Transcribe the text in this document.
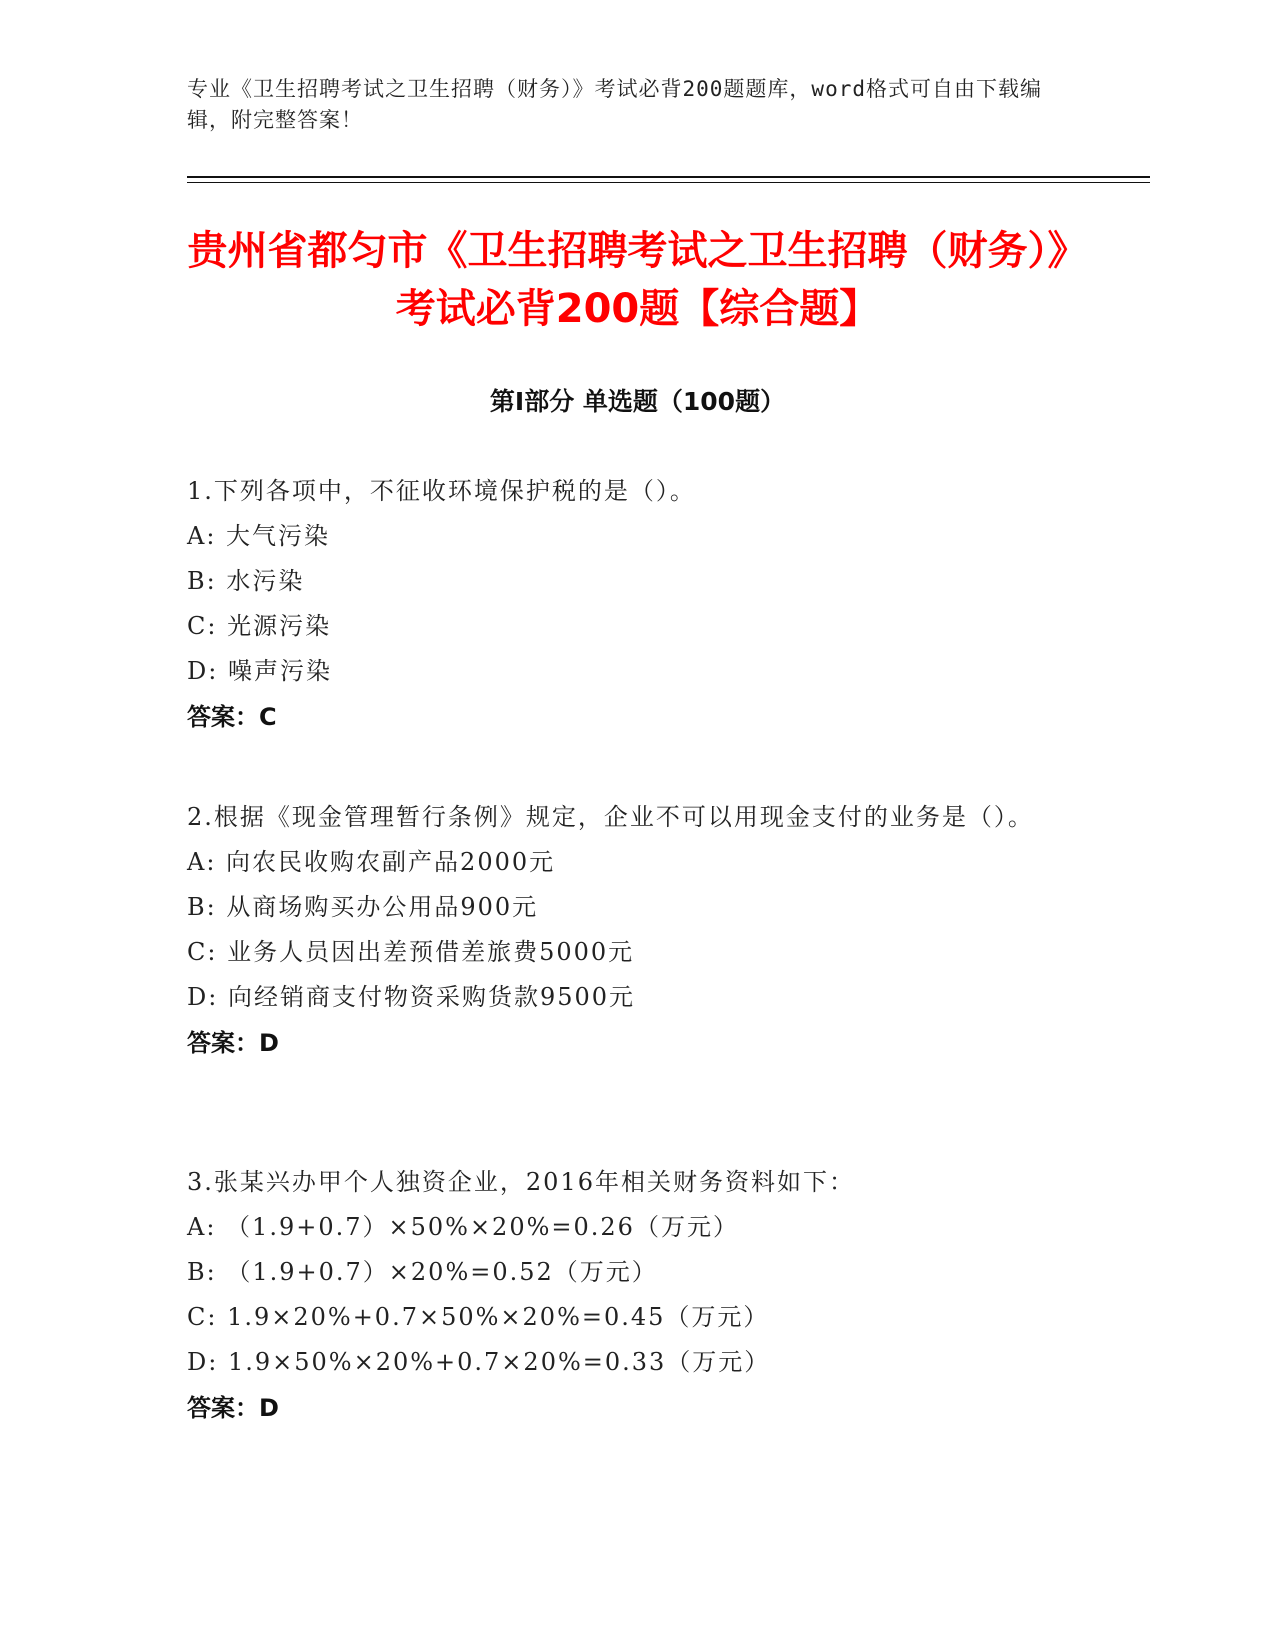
专业《卫生招聘考试之卫生招聘（财务）》考试必背200题题库，word格式可自由下载编辑，附完整答案！
贵州省都匀市《卫生招聘考试之卫生招聘（财务）》考试必背200题【综合题】
第Ⅰ部分 单选题（100题）
1.下列各项中，不征收环境保护税的是（）。
A: 大气污染
B: 水污染
C: 光源污染
D: 噪声污染
答案：C
2.根据《现金管理暂行条例》规定，企业不可以用现金支付的业务是（）。
A: 向农民收购农副产品2000元
B: 从商场购买办公用品900元
C: 业务人员因出差预借差旅费5000元
D: 向经销商支付物资采购货款9500元
答案：D
3.张某兴办甲个人独资企业，2016年相关财务资料如下：
A: （1.9+0.7）×50%×20%=0.26（万元）
B: （1.9+0.7）×20%=0.52（万元）
C: 1.9×20%+0.7×50%×20%=0.45（万元）
D: 1.9×50%×20%+0.7×20%=0.33（万元）
答案：D
